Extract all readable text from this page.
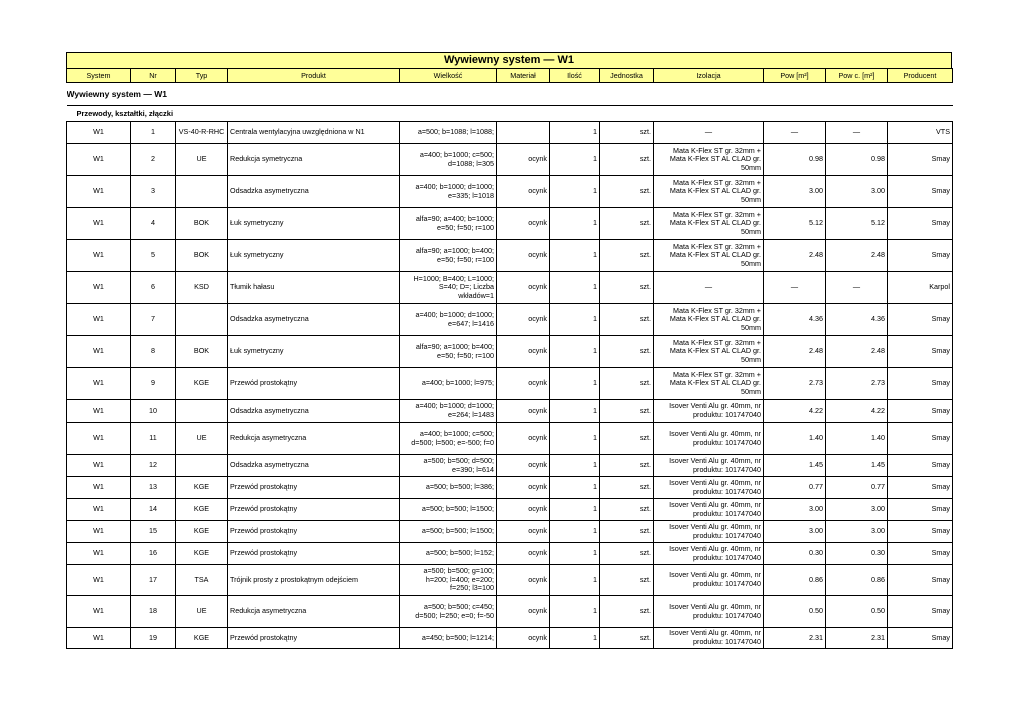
Wywiewny system — W1
System	Nr	Typ	Produkt	Wielkość	Materiał	Ilość	Jednostka	Izolacja	Pow [m²]	Pow c. [m²]	Producent
Wywiewny system — W1											
Przewody, kształtki, złączki											
W1	1	VS-40-R-RHC	Centrala wentylacyjna uwzględniona w N1	a=500; b=1088; l=1088;		1	szt.	—	—	—	VTS
W1	2	UE	Redukcja symetryczna	a=400; b=1000; c=500;
d=1088; l=305	ocynk	1	szt.	Mata K-Flex ST gr. 32mm +
Mata K-Flex ST AL CLAD gr.
50mm	0.98	0.98	Smay
W1	3		Odsadzka asymetryczna	a=400; b=1000; d=1000;
e=335; l=1018	ocynk	1	szt.	Mata K-Flex ST gr. 32mm +
Mata K-Flex ST AL CLAD gr.
50mm	3.00	3.00	Smay
W1	4	BOK	Łuk symetryczny	alfa=90; a=400; b=1000;
e=50; f=50; r=100	ocynk	1	szt.	Mata K-Flex ST gr. 32mm +
Mata K-Flex ST AL CLAD gr.
50mm	5.12	5.12	Smay
W1	5	BOK	Łuk symetryczny	alfa=90; a=1000; b=400;
e=50; f=50; r=100	ocynk	1	szt.	Mata K-Flex ST gr. 32mm +
Mata K-Flex ST AL CLAD gr.
50mm	2.48	2.48	Smay
W1	6	KSD	Tłumik hałasu	H=1000; B=400; L=1000;
S=40; D=; Liczba
wkładów=1	ocynk	1	szt.	—	—	—	Karpol
W1	7		Odsadzka asymetryczna	a=400; b=1000; d=1000;
e=647; l=1416	ocynk	1	szt.	Mata K-Flex ST gr. 32mm +
Mata K-Flex ST AL CLAD gr.
50mm	4.36	4.36	Smay
W1	8	BOK	Łuk symetryczny	alfa=90; a=1000; b=400;
e=50; f=50; r=100	ocynk	1	szt.	Mata K-Flex ST gr. 32mm +
Mata K-Flex ST AL CLAD gr.
50mm	2.48	2.48	Smay
W1	9	KGE	Przewód prostokątny	a=400; b=1000; l=975;	ocynk	1	szt.	Mata K-Flex ST gr. 32mm +
Mata K-Flex ST AL CLAD gr.
50mm	2.73	2.73	Smay
W1	10		Odsadzka asymetryczna	a=400; b=1000; d=1000;
e=264; l=1483	ocynk	1	szt.	Isover Venti Alu gr. 40mm, nr
produktu: 101747040	4.22	4.22	Smay
W1	11	UE	Redukcja asymetryczna	a=400; b=1000; c=500;
d=500; l=500; e=-500; f=0	ocynk	1	szt.	Isover Venti Alu gr. 40mm, nr
produktu: 101747040	1.40	1.40	Smay
W1	12		Odsadzka asymetryczna	a=500; b=500; d=500;
e=390; l=614	ocynk	1	szt.	Isover Venti Alu gr. 40mm, nr
produktu: 101747040	1.45	1.45	Smay
W1	13	KGE	Przewód prostokątny	a=500; b=500; l=386;	ocynk	1	szt.	Isover Venti Alu gr. 40mm, nr
produktu: 101747040	0.77	0.77	Smay
W1	14	KGE	Przewód prostokątny	a=500; b=500; l=1500;	ocynk	1	szt.	Isover Venti Alu gr. 40mm, nr
produktu: 101747040	3.00	3.00	Smay
W1	15	KGE	Przewód prostokątny	a=500; b=500; l=1500;	ocynk	1	szt.	Isover Venti Alu gr. 40mm, nr
produktu: 101747040	3.00	3.00	Smay
W1	16	KGE	Przewód prostokątny	a=500; b=500; l=152;	ocynk	1	szt.	Isover Venti Alu gr. 40mm, nr
produktu: 101747040	0.30	0.30	Smay
W1	17	TSA	Trójnik prosty z prostokątnym odejściem	a=500; b=500; g=100;
h=200; l=400; e=200;
f=250; l3=100	ocynk	1	szt.	Isover Venti Alu gr. 40mm, nr
produktu: 101747040	0.86	0.86	Smay
W1	18	UE	Redukcja asymetryczna	a=500; b=500; c=450;
d=500; l=250; e=0; f=-50	ocynk	1	szt.	Isover Venti Alu gr. 40mm, nr
produktu: 101747040	0.50	0.50	Smay
W1	19	KGE	Przewód prostokątny	a=450; b=500; l=1214;	ocynk	1	szt.	Isover Venti Alu gr. 40mm, nr
produktu: 101747040	2.31	2.31	Smay
